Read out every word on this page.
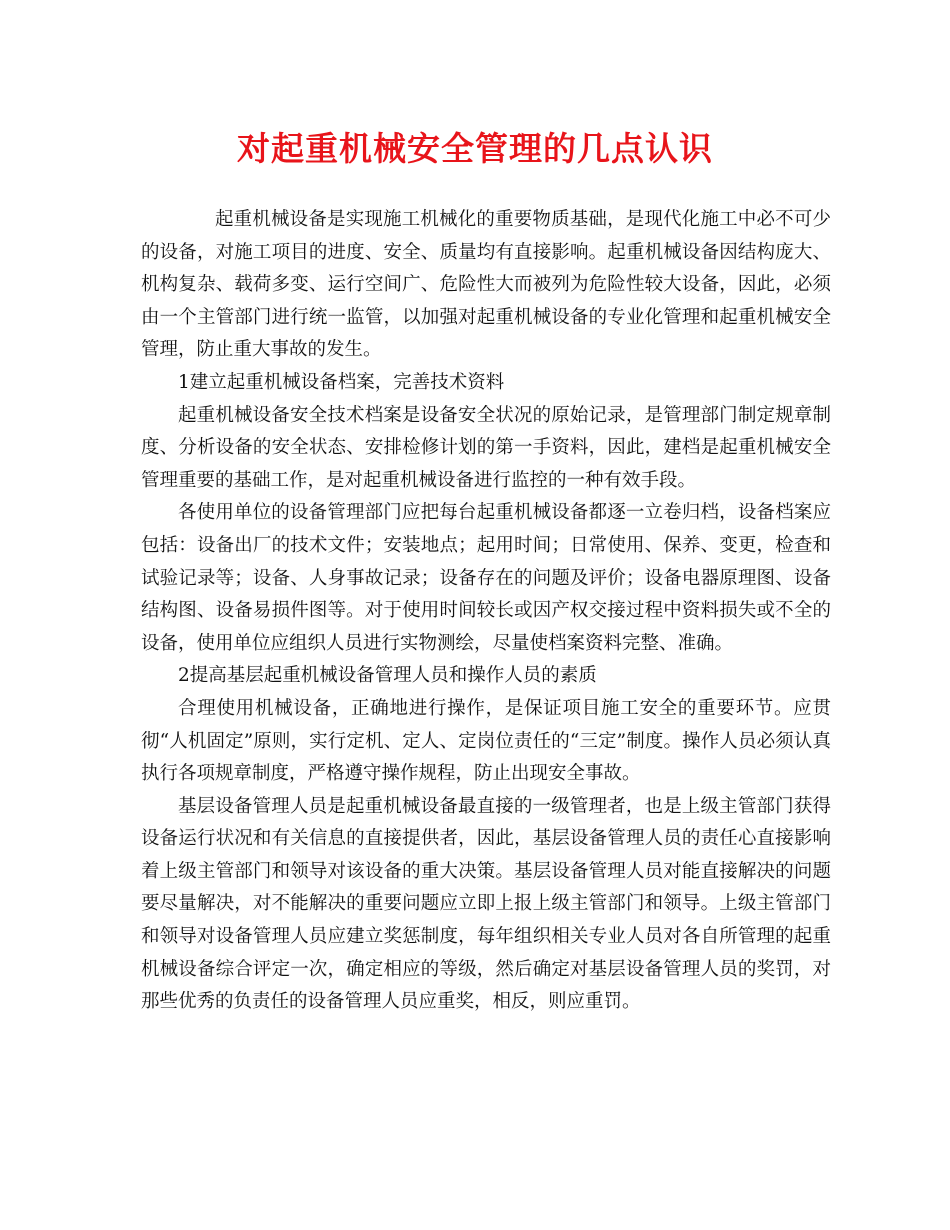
对起重机械安全管理的几点认识

起重机械设备是实现施工机械化的重要物质基础，是现代化施工中必不可少的设备，对施工项目的进度、安全、质量均有直接影响。起重机械设备因结构庞大、机构复杂、载荷多变、运行空间广、危险性大而被列为危险性较大设备，因此，必须由一个主管部门进行统一监管，以加强对起重机械设备的专业化管理和起重机械安全管理，防止重大事故的发生。

1建立起重机械设备档案，完善技术资料

起重机械设备安全技术档案是设备安全状况的原始记录，是管理部门制定规章制度、分析设备的安全状态、安排检修计划的第一手资料，因此，建档是起重机械安全管理重要的基础工作，是对起重机械设备进行监控的一种有效手段。

各使用单位的设备管理部门应把每台起重机械设备都逐一立卷归档，设备档案应包括：设备出厂的技术文件；安装地点；起用时间；日常使用、保养、变更，检查和试验记录等；设备、人身事故记录；设备存在的问题及评价；设备电器原理图、设备结构图、设备易损件图等。对于使用时间较长或因产权交接过程中资料损失或不全的设备，使用单位应组织人员进行实物测绘，尽量使档案资料完整、准确。

2提高基层起重机械设备管理人员和操作人员的素质

合理使用机械设备，正确地进行操作，是保证项目施工安全的重要环节。应贯彻“人机固定”原则，实行定机、定人、定岗位责任的“三定”制度。操作人员必须认真执行各项规章制度，严格遵守操作规程，防止出现安全事故。

基层设备管理人员是起重机械设备最直接的一级管理者，也是上级主管部门获得设备运行状况和有关信息的直接提供者，因此，基层设备管理人员的责任心直接影响着上级主管部门和领导对该设备的重大决策。基层设备管理人员对能直接解决的问题要尽量解决，对不能解决的重要问题应立即上报上级主管部门和领导。上级主管部门和领导对设备管理人员应建立奖惩制度，每年组织相关专业人员对各自所管理的起重机械设备综合评定一次，确定相应的等级，然后确定对基层设备管理人员的奖罚，对那些优秀的负责任的设备管理人员应重奖，相反，则应重罚。
